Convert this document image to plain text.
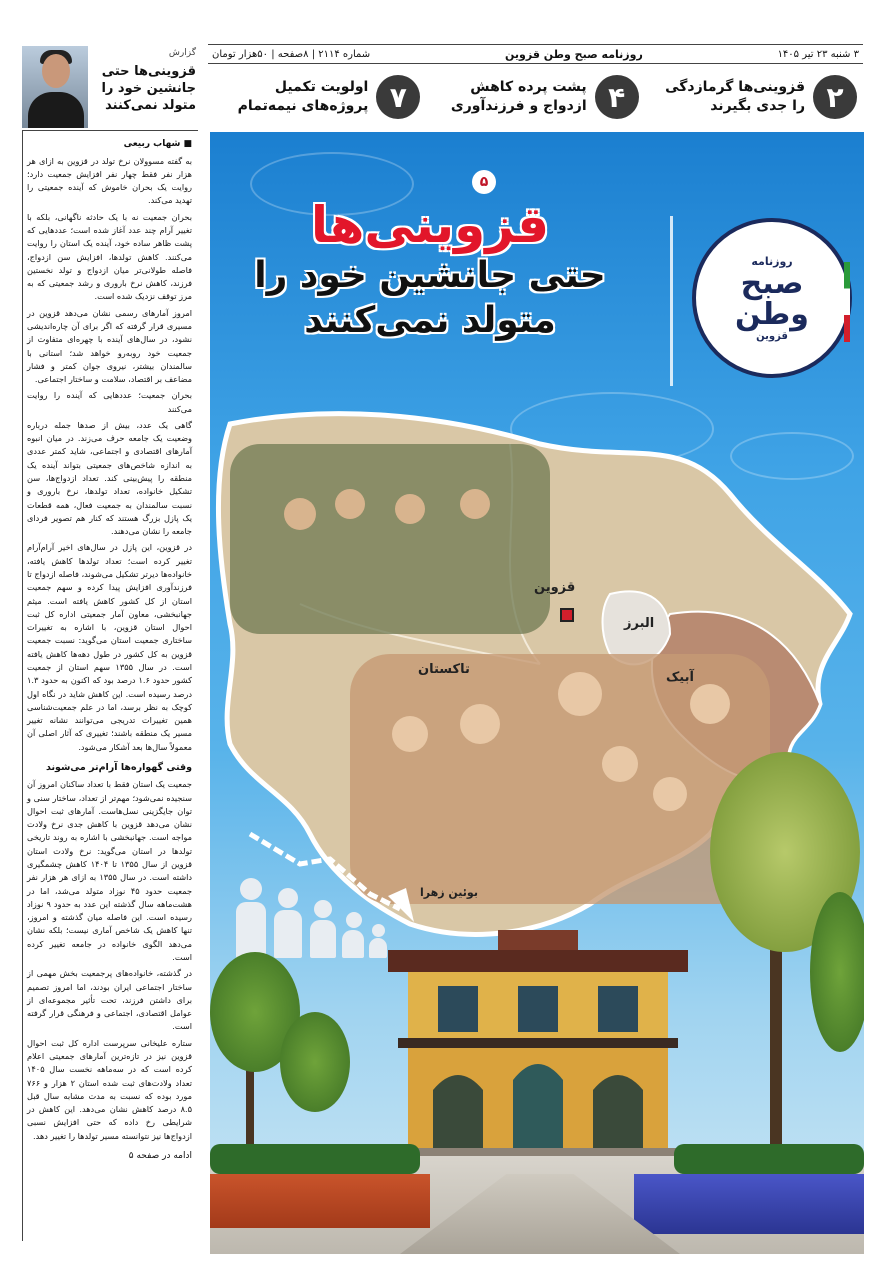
۳ شنبه ۲۳ تیر ۱۴۰۵
روزنامه صبح وطن قزوین
شماره ۲۱۱۴ | ۸صفحه | ۵۰هزار تومان
۲
قزوینی‌ها گرمازدگی را جدی بگیرند
۴
پشت پرده کاهش ازدواج و فرزندآوری
۷
اولویت تکمیل پروژه‌های نیمه‌تمام
گزارش
قزوینی‌ها حتی جانشین خود را متولد نمی‌کنند

■ شهاب ربیعی

به گفته مسوولان نرخ تولد در قزوین به ازای هر هزار نفر فقط چهار نفر افزایش جمعیت دارد؛ روایت یک بحران خاموش که آینده جمعیتی را تهدید می‌کند.

بحران جمعیت نه با یک حادثه ناگهانی، بلکه با تغییر آرام چند عدد آغاز شده است؛ عددهایی که پشت ظاهر ساده خود، آینده یک استان را روایت می‌کنند. کاهش تولدها، افزایش سن ازدواج، فاصله طولانی‌تر میان ازدواج و تولد نخستین فرزند، کاهش نرخ باروری و رشد جمعیتی که به مرز توقف نزدیک شده است.

امروز آمارهای رسمی نشان می‌دهد قزوین در مسیری قرار گرفته که اگر برای آن چاره‌اندیشی نشود، در سال‌های آینده با چهره‌ای متفاوت از جمعیت خود روبه‌رو خواهد شد؛ استانی با سالمندان بیشتر، نیروی جوان کمتر و فشار مضاعف بر اقتصاد، سلامت و ساختار اجتماعی.

بحران جمعیت؛ عددهایی که آینده را روایت می‌کنند

گاهی یک عدد، بیش از صدها جمله درباره وضعیت یک جامعه حرف می‌زند. در میان انبوه آمارهای اقتصادی و اجتماعی، شاید کمتر عددی به اندازه شاخص‌های جمعیتی بتواند آینده یک منطقه را پیش‌بینی کند. تعداد ازدواج‌ها، سن تشکیل خانواده، تعداد تولدها، نرخ باروری و نسبت سالمندان به جمعیت فعال، همه قطعات یک پازل بزرگ هستند که کنار هم تصویر فردای جامعه را نشان می‌دهند.

در قزوین، این پازل در سال‌های اخیر آرام‌آرام تغییر کرده است؛ تعداد تولدها کاهش یافته، خانواده‌ها دیرتر تشکیل می‌شوند، فاصله ازدواج تا فرزندآوری افزایش پیدا کرده و سهم جمعیت استان از کل کشور کاهش یافته است. میثم جهانبخشی، معاون آمار جمعیتی اداره کل ثبت احوال استان قزوین، با اشاره به تغییرات ساختاری جمعیت استان می‌گوید: نسبت جمعیت قزوین به کل کشور در طول دهه‌ها کاهش یافته است. در سال ۱۳۵۵ سهم استان از جمعیت کشور حدود ۱.۶ درصد بود که اکنون به حدود ۱.۳ درصد رسیده است. این کاهش شاید در نگاه اول کوچک به نظر برسد، اما در علم جمعیت‌شناسی همین تغییرات تدریجی می‌توانند نشانه تغییر مسیر یک منطقه باشند؛ تغییری که آثار اصلی آن معمولاً سال‌ها بعد آشکار می‌شود.

وقتی گهواره‌ها آرام‌تر می‌شوند

جمعیت یک استان فقط با تعداد ساکنان امروز آن سنجیده نمی‌شود؛ مهم‌تر از تعداد، ساختار سنی و توان جایگزینی نسل‌هاست. آمارهای ثبت احوال نشان می‌دهد قزوین با کاهش جدی نرخ ولادت مواجه است. جهانبخشی با اشاره به روند تاریخی تولدها در استان می‌گوید: نرخ ولادت استان قزوین از سال ۱۳۵۵ تا ۱۴۰۴ کاهش چشمگیری داشته است. در سال ۱۳۵۵ به ازای هر هزار نفر جمعیت حدود ۴۵ نوزاد متولد می‌شد، اما در هشت‌ماهه سال گذشته این عدد به حدود ۹ نوزاد رسیده است. این فاصله میان گذشته و امروز، تنها کاهش یک شاخص آماری نیست؛ بلکه نشان می‌دهد الگوی خانواده در جامعه تغییر کرده است.

در گذشته، خانواده‌های پرجمعیت بخش مهمی از ساختار اجتماعی ایران بودند، اما امروز تصمیم برای داشتن فرزند، تحت تأثیر مجموعه‌ای از عوامل اقتصادی، اجتماعی و فرهنگی قرار گرفته است.

ستاره علیخانی سرپرست اداره کل ثبت احوال قزوین نیز در تازه‌ترین آمارهای جمعیتی اعلام کرده است که در سه‌ماهه نخست سال ۱۴۰۵ تعداد ولادت‌های ثبت شده استان ۲ هزار و ۷۶۶ مورد بوده که نسبت به مدت مشابه سال قبل ۸.۵ درصد کاهش نشان می‌دهد. این کاهش در شرایطی رخ داده که حتی افزایش نسبی ازدواج‌ها نیز نتوانسته مسیر تولدها را تغییر دهد.

ادامه در صفحه ۵

۵
قزوینی‌ها
حتی جانشین خود را
متولد نمی‌کنند
روزنامه
صبح
وطن
قزوین
قزوین
البرز
آبیک
تاکستان
بوئین زهرا
